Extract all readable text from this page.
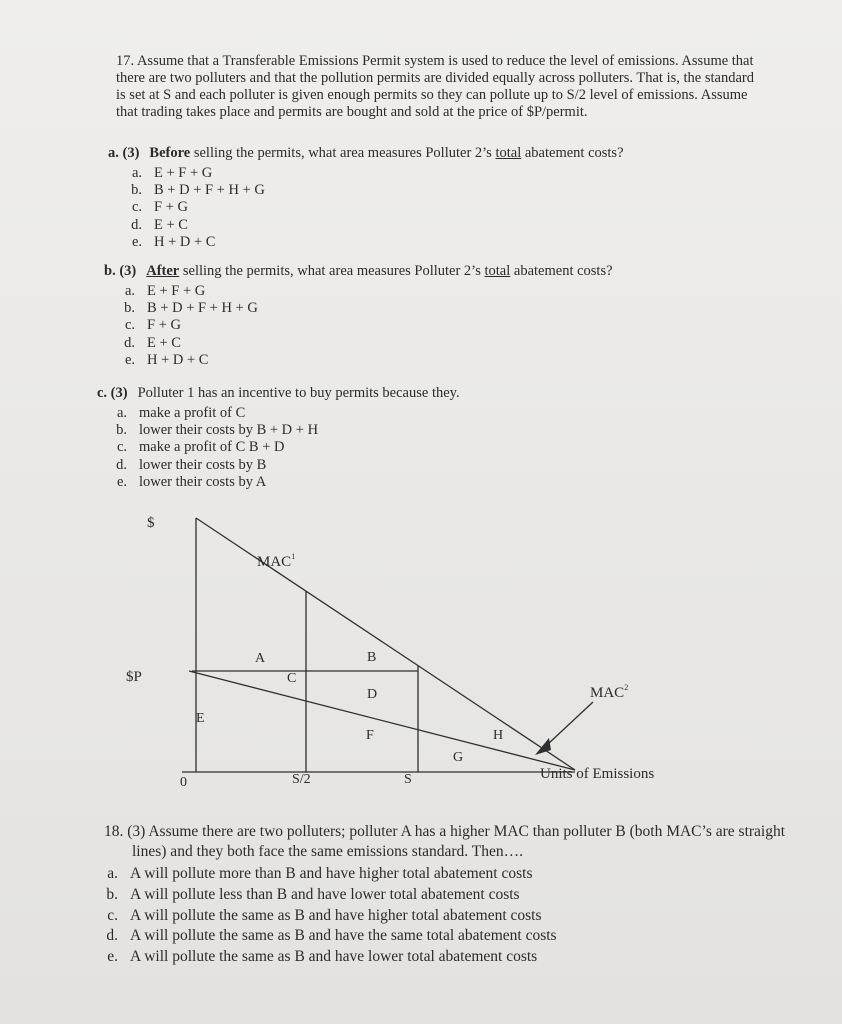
17. Assume that a Transferable Emissions Permit system is used to reduce the level of emissions. Assume that there are two polluters and that the pollution permits are divided equally across polluters. That is, the standard is set at S and each polluter is given enough permits so they can pollute up to S/2 level of emissions. Assume that trading takes place and permits are bought and sold at the price of $P/permit.

a. (3) Before selling the permits, what area measures Polluter 2’s total abatement costs?
a. E + F + G
b. B + D + F + H + G
c. F + G
d. E + C
e. H + D + C
b. (3) After selling the permits, what area measures Polluter 2’s total abatement costs?
a. E + F + G
b. B + D + F + H + G
c. F + G
d. E + C
e. H + D + C
c. (3) Polluter 1 has an incentive to buy permits because they.
a. make a profit of C
b. lower their costs by B + D + H
c. make a profit of C B + D
d. lower their costs by B
e. lower their costs by A
$
$P
0	S/2	S	Units of Emissions
MAC$^1$
MAC$^2$
A	B
C
D
E
F
G
H
18. (3) Assume there are two polluters; polluter A has a higher MAC than polluter B (both MAC’s are straight lines) and they both face the same emissions standard. Then….
a. A will pollute more than B and have higher total abatement costs
b. A will pollute less than B and have lower total abatement costs
c. A will pollute the same as B and have higher total abatement costs
d. A will pollute the same as B and have the same total abatement costs
e. A will pollute the same as B and have lower total abatement costs
